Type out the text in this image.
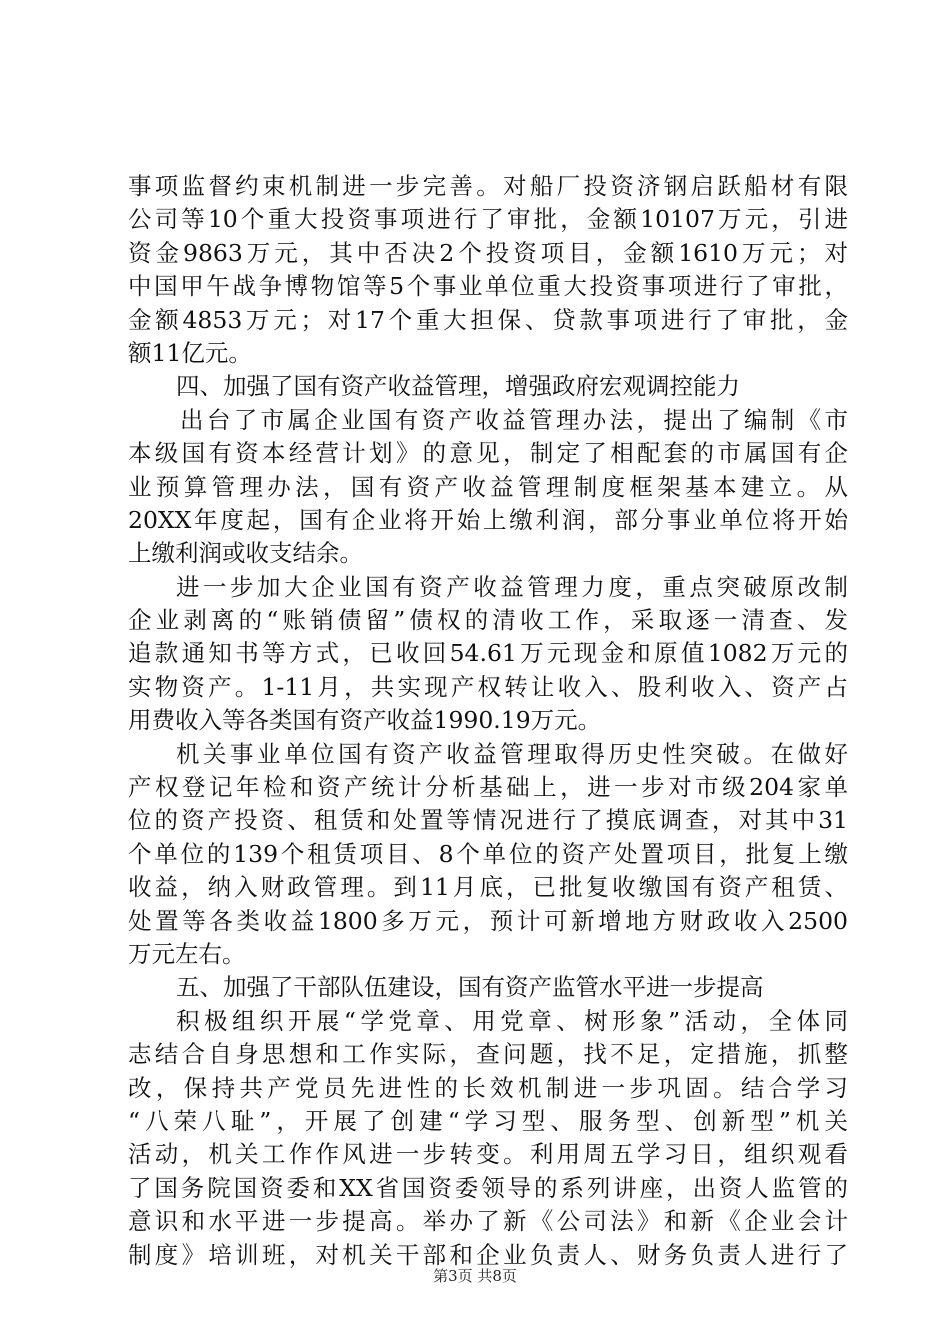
事项监督约束机制进一步完善。对船厂投资济钢启跃船材有限
公司等10个重大投资事项进行了审批，金额10107万元，引进
资金9863万元，其中否决2个投资项目，金额1610万元；对
中国甲午战争博物馆等5个事业单位重大投资事项进行了审批，
金额4853万元；对17个重大担保、贷款事项进行了审批，金
额11亿元。
四、加强了国有资产收益管理，增强政府宏观调控能力
出台了市属企业国有资产收益管理办法，提出了编制《市
本级国有资本经营计划》的意见，制定了相配套的市属国有企
业预算管理办法，国有资产收益管理制度框架基本建立。从
20XX年度起，国有企业将开始上缴利润，部分事业单位将开始
上缴利润或收支结余。
进一步加大企业国有资产收益管理力度，重点突破原改制
企业剥离的“账销债留”债权的清收工作，采取逐一清查、发
追款通知书等方式，已收回54.61万元现金和原值1082万元的
实物资产。1-11月，共实现产权转让收入、股利收入、资产占
用费收入等各类国有资产收益1990.19万元。
机关事业单位国有资产收益管理取得历史性突破。在做好
产权登记年检和资产统计分析基础上，进一步对市级204家单
位的资产投资、租赁和处置等情况进行了摸底调查，对其中31
个单位的139个租赁项目、8个单位的资产处置项目，批复上缴
收益，纳入财政管理。到11月底，已批复收缴国有资产租赁、
处置等各类收益1800多万元，预计可新增地方财政收入2500
万元左右。
五、加强了干部队伍建设，国有资产监管水平进一步提高
积极组织开展“学党章、用党章、树形象”活动，全体同
志结合自身思想和工作实际，查问题，找不足，定措施，抓整
改，保持共产党员先进性的长效机制进一步巩固。结合学习
“八荣八耻”，开展了创建“学习型、服务型、创新型”机关
活动，机关工作作风进一步转变。利用周五学习日，组织观看
了国务院国资委和XX省国资委领导的系列讲座，出资人监管的
意识和水平进一步提高。举办了新《公司法》和新《企业会计
制度》培训班，对机关干部和企业负责人、财务负责人进行了
第3页 共8页
